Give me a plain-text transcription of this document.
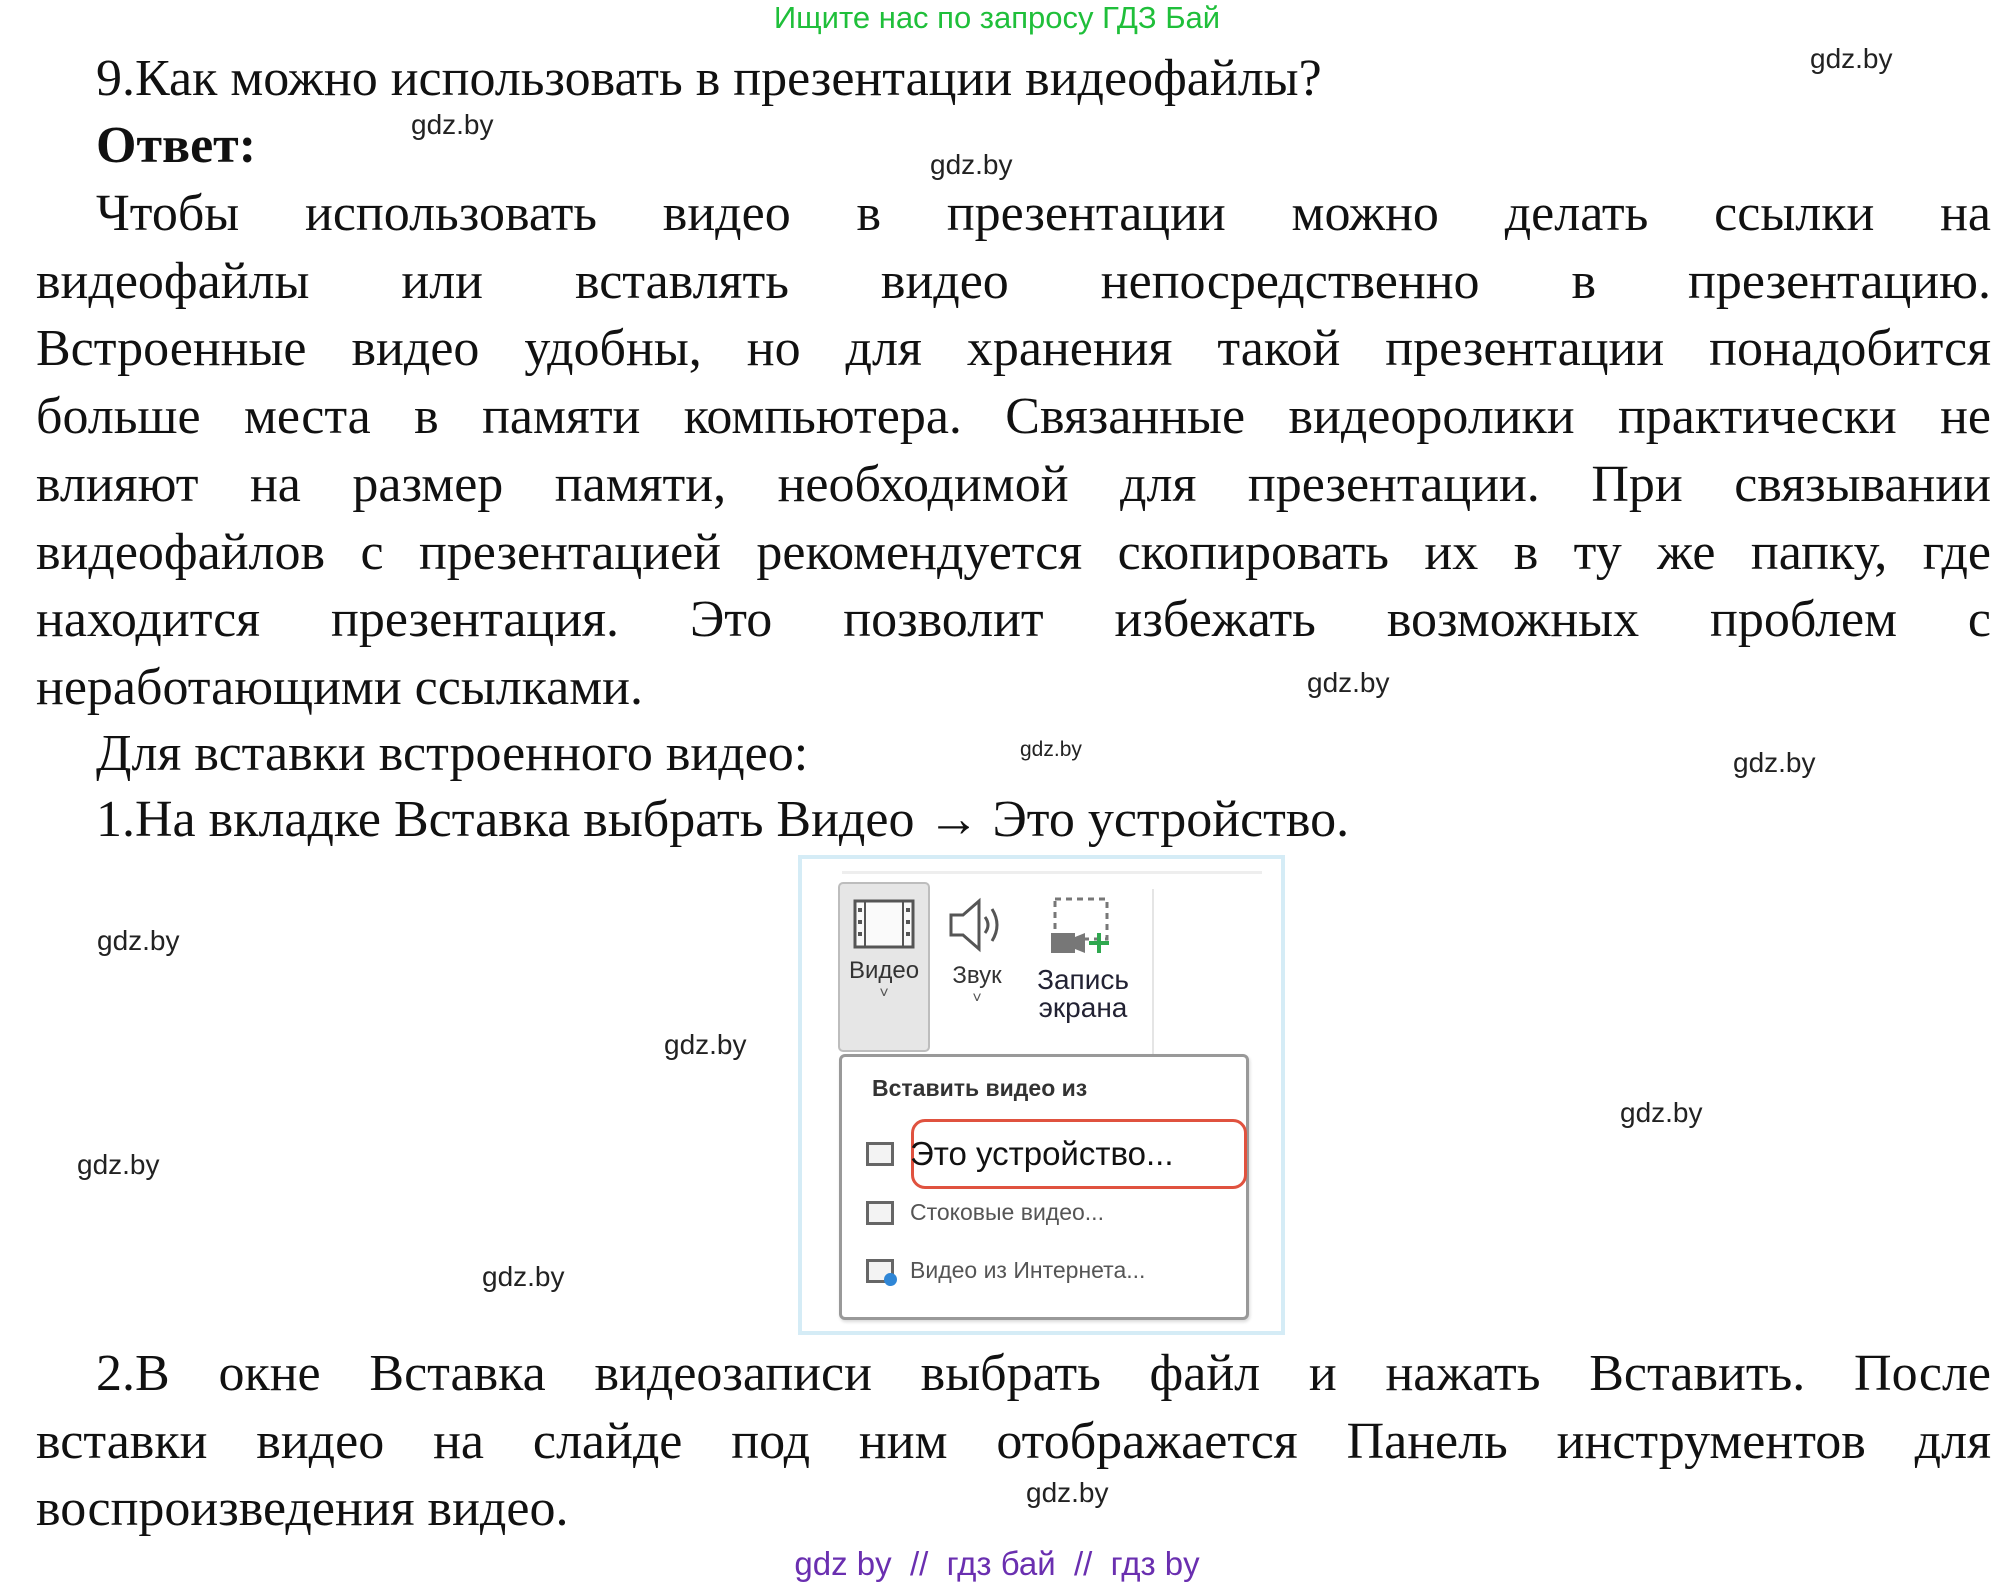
Ищите нас по запросу ГДЗ Бай
9.Как можно использовать в презентации видеофайлы?
Ответ:
Чтобы использовать видео в презентации можно делать ссылки на
видеофайлы или вставлять видео непосредственно в презентацию.
Встроенные видео удобны, но для хранения такой презентации понадобится
больше места в памяти компьютера. Связанные видеоролики практически не
влияют на размер памяти, необходимой для презентации. При связывании
видеофайлов с презентацией рекомендуется скопировать их в ту же папку, где
находится презентация. Это позволит избежать возможных проблем с
неработающими ссылками.
Для вставки встроенного видео:
1.На вкладке Вставка выбрать Видео → Это устройство.
Видео
˅
Звук
˅
Запись
экрана
Вставить видео из
Это устройство...
Стоковые видео...
Видео из Интернета...
2.В окне Вставка видеозаписи выбрать файл и нажать Вставить. После
вставки видео на слайде под ним отображается Панель инструментов для
воспроизведения видео.
gdz.by
gdz.by
gdz.by
gdz.by
gdz.by
gdz.by
gdz.by
gdz.by
gdz.by
gdz.by
gdz.by
gdz.by
gdz by  //  гдз бай  //  гдз by
